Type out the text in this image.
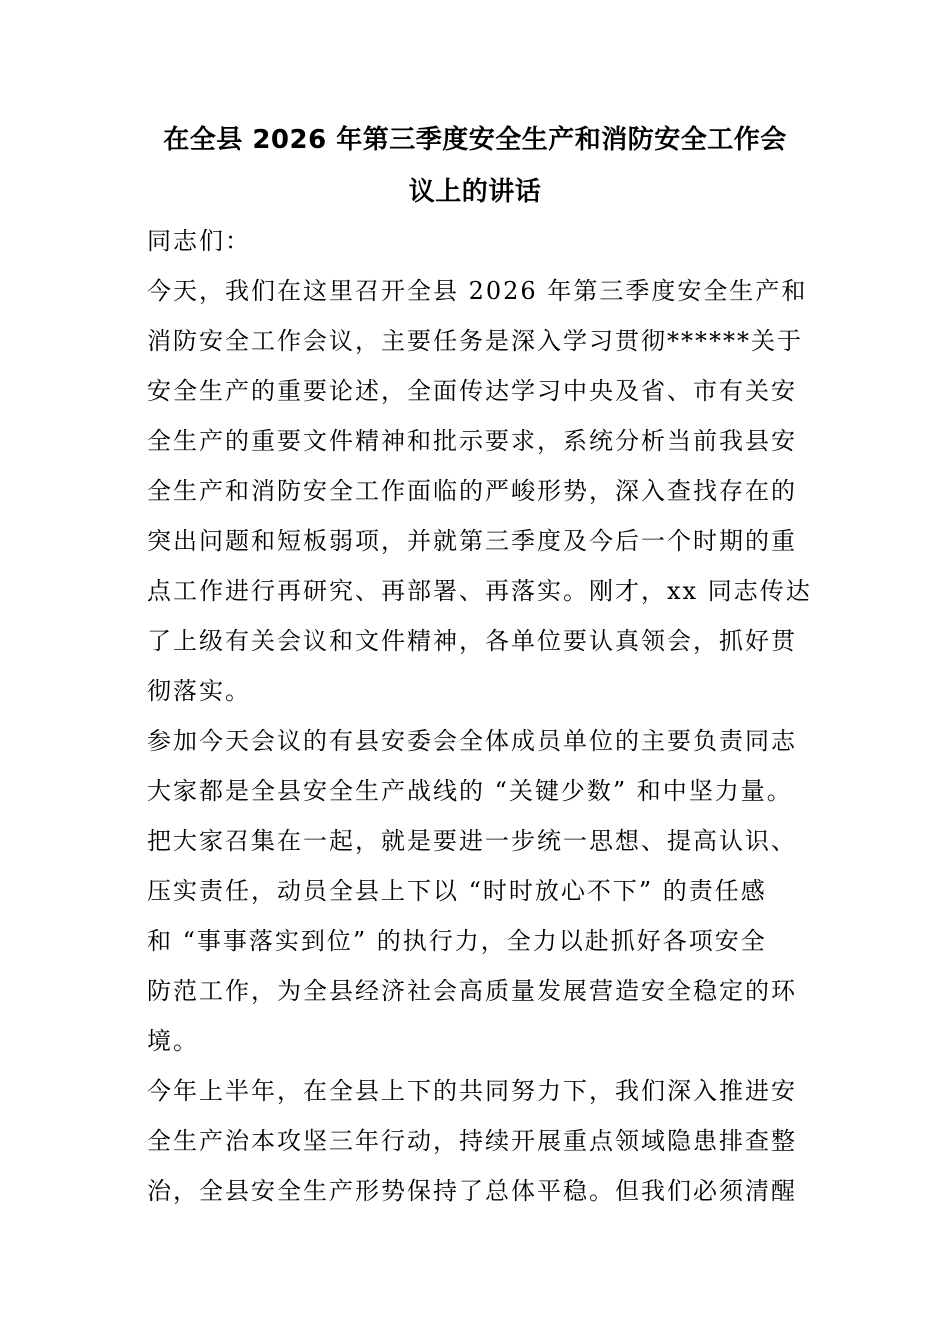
在全县 2026 年第三季度安全生产和消防安全工作会
议上的讲话
同志们：
今天，我们在这里召开全县 2026 年第三季度安全生产和
消防安全工作会议，主要任务是深入学习贯彻******关于
安全生产的重要论述，全面传达学习中央及省、市有关安
全生产的重要文件精神和批示要求，系统分析当前我县安
全生产和消防安全工作面临的严峻形势，深入查找存在的
突出问题和短板弱项，并就第三季度及今后一个时期的重
点工作进行再研究、再部署、再落实。刚才，xx 同志传达
了上级有关会议和文件精神，各单位要认真领会，抓好贯
彻落实。
参加今天会议的有县安委会全体成员单位的主要负责同志
大家都是全县安全生产战线的 “关键少数” 和中坚力量。
把大家召集在一起，就是要进一步统一思想、提高认识、
压实责任，动员全县上下以 “时时放心不下” 的责任感
和 “事事落实到位” 的执行力，全力以赴抓好各项安全
防范工作，为全县经济社会高质量发展营造安全稳定的环
境。
今年上半年，在全县上下的共同努力下，我们深入推进安
全生产治本攻坚三年行动，持续开展重点领域隐患排查整
治，全县安全生产形势保持了总体平稳。但我们必须清醒
